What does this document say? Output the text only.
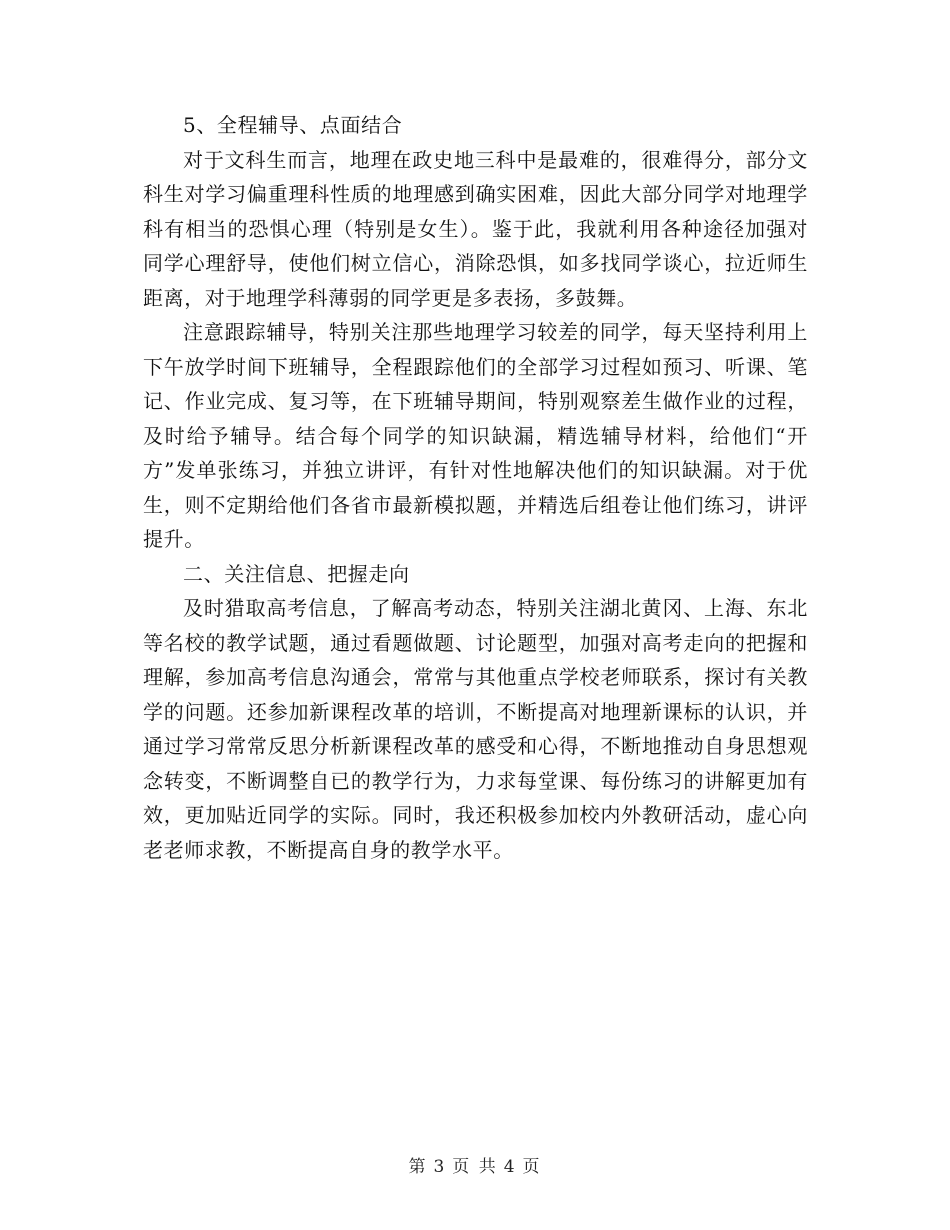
5、全程辅导、点面结合

对于文科生而言，地理在政史地三科中是最难的，很难得分，部分文科生对学习偏重理科性质的地理感到确实困难，因此大部分同学对地理学科有相当的恐惧心理（特别是女生）。鉴于此，我就利用各种途径加强对同学心理舒导，使他们树立信心，消除恐惧，如多找同学谈心，拉近师生距离，对于地理学科薄弱的同学更是多表扬，多鼓舞。

注意跟踪辅导，特别关注那些地理学习较差的同学，每天坚持利用上下午放学时间下班辅导，全程跟踪他们的全部学习过程如预习、听课、笔记、作业完成、复习等，在下班辅导期间，特别观察差生做作业的过程，及时给予辅导。结合每个同学的知识缺漏，精选辅导材料，给他们“开方”发单张练习，并独立讲评，有针对性地解决他们的知识缺漏。对于优生，则不定期给他们各省市最新模拟题，并精选后组卷让他们练习，讲评提升。

二、关注信息、把握走向

及时猎取高考信息，了解高考动态，特别关注湖北黄冈、上海、东北等名校的教学试题，通过看题做题、讨论题型，加强对高考走向的把握和理解，参加高考信息沟通会，常常与其他重点学校老师联系，探讨有关教学的问题。还参加新课程改革的培训，不断提高对地理新课标的认识，并通过学习常常反思分析新课程改革的感受和心得，不断地推动自身思想观念转变，不断调整自已的教学行为，力求每堂课、每份练习的讲解更加有效，更加贴近同学的实际。同时，我还积极参加校内外教研活动，虚心向老老师求教，不断提高自身的教学水平。

第 3 页 共 4 页
